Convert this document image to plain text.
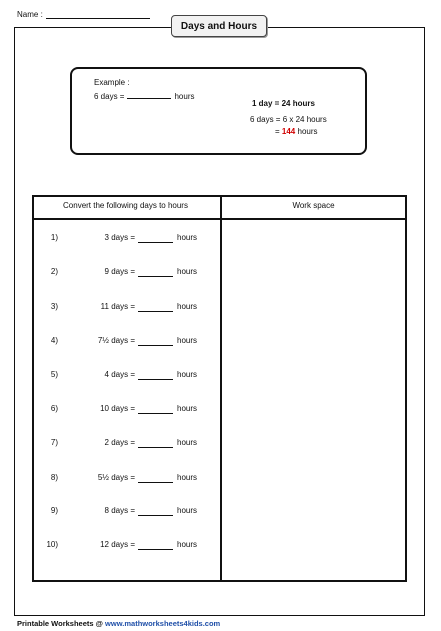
Name :
Days and Hours
Example :
6 days =	hours
1 day = 24 hours
6 days = 6 x 24 hours
= 144 hours
Convert the following days to hours	Work space
1)	3 days =	hours
2)	9 days =	hours
3)	11 days =	hours
4)	7½ days =	hours
5)	4 days =	hours
6)	10 days =	hours
7)	2 days =	hours
8)	5½ days =	hours
9)	8 days =	hours
10)	12 days =	hours
Printable Worksheets @ www.mathworksheets4kids.com
